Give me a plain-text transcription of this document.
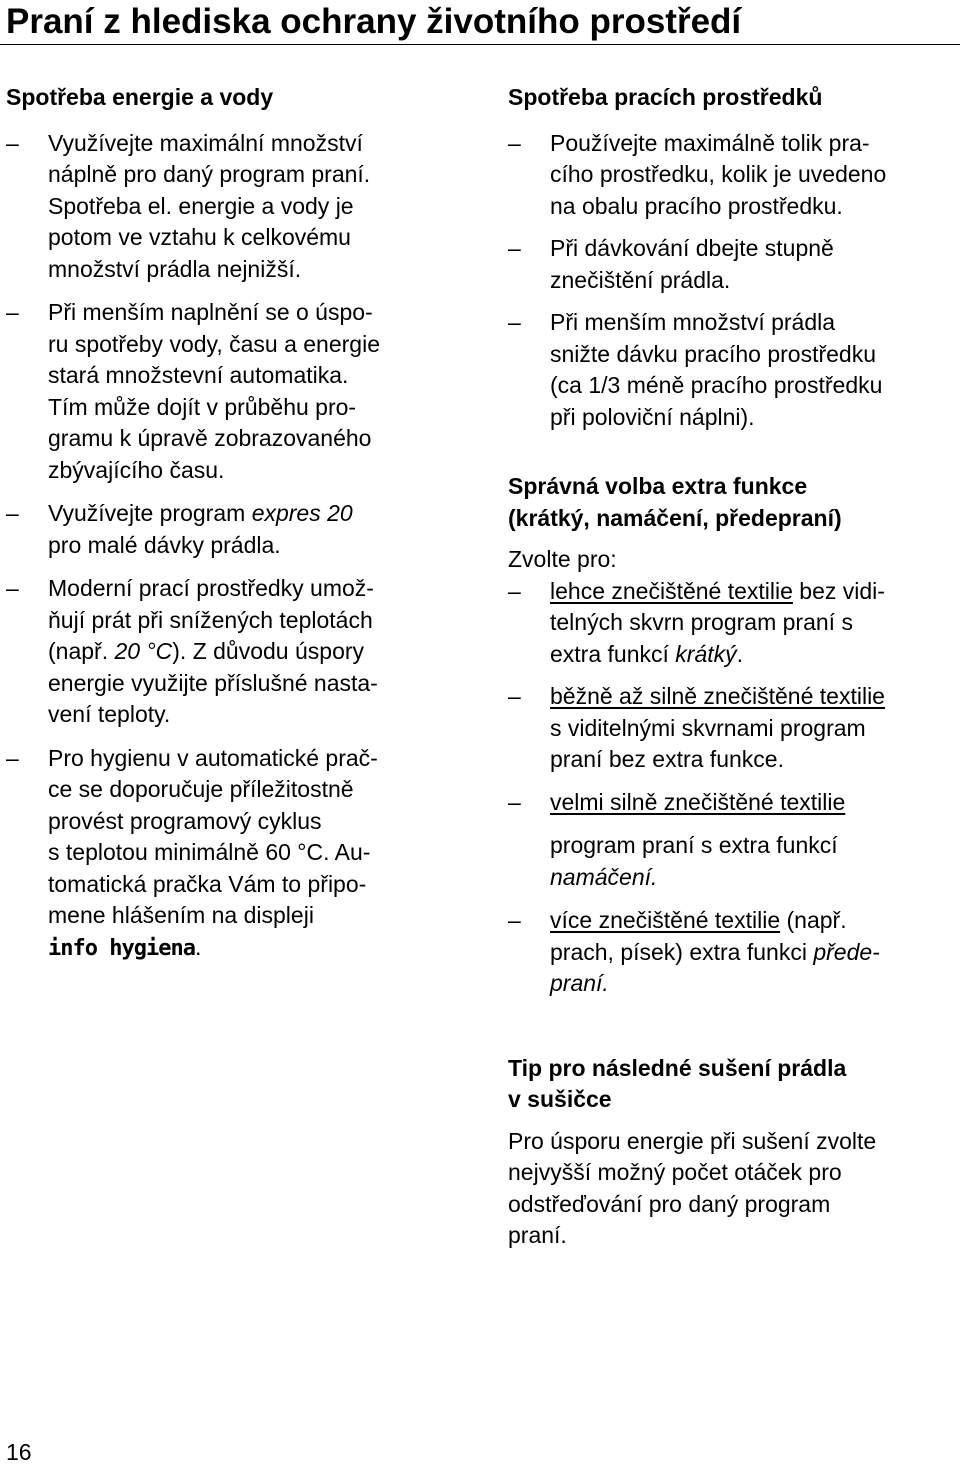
Praní z hlediska ochrany životního prostředí
Spotřeba energie a vody
– Využívejte maximální množství
náplně pro daný program praní.
Spotřeba el. energie a vody je
potom ve vztahu k celkovému
množství prádla nejnižší.
– Při menším naplnění se o úspo-
ru spotřeby vody, času a energie
stará množstevní automatika.
Tím může dojít v průběhu pro-
gramu k úpravě zobrazovaného
zbývajícího času.
– Využívejte program expres 20
pro malé dávky prádla.
– Moderní prací prostředky umož-
ňují prát při snížených teplotách
(např. 20 °C). Z důvodu úspory
energie využijte příslušné nasta-
vení teploty.
– Pro hygienu v automatické prač-
ce se doporučuje příležitostně
provést programový cyklus
s teplotou minimálně 60 °C. Au-
tomatická pračka Vám to připo-
mene hlášením na displeji
info hygiena.
Spotřeba pracích prostředků
– Používejte maximálně tolik pra-
cího prostředku, kolik je uvedeno
na obalu pracího prostředku.
– Při dávkování dbejte stupně
znečištění prádla.
– Při menším množství prádla
snižte dávku pracího prostředku
(ca 1/3 méně pracího prostředku
při poloviční náplni).
Správná volba extra funkce
(krátký, namáčení, předepraní)
Zvolte pro:
– lehce znečištěné textilie bez vidi-
telných skvrn program praní s
extra funkcí krátký.
– běžně až silně znečištěné textilie
s viditelnými skvrnami program
praní bez extra funkce.
– velmi silně znečištěné textilie
program praní s extra funkcí
namáčení.
– více znečištěné textilie (např.
prach, písek) extra funkci přede-
praní.
Tip pro následné sušení prádla
v sušičce
Pro úsporu energie při sušení zvolte
nejvyšší možný počet otáček pro
odstřeďování pro daný program
praní.
16
